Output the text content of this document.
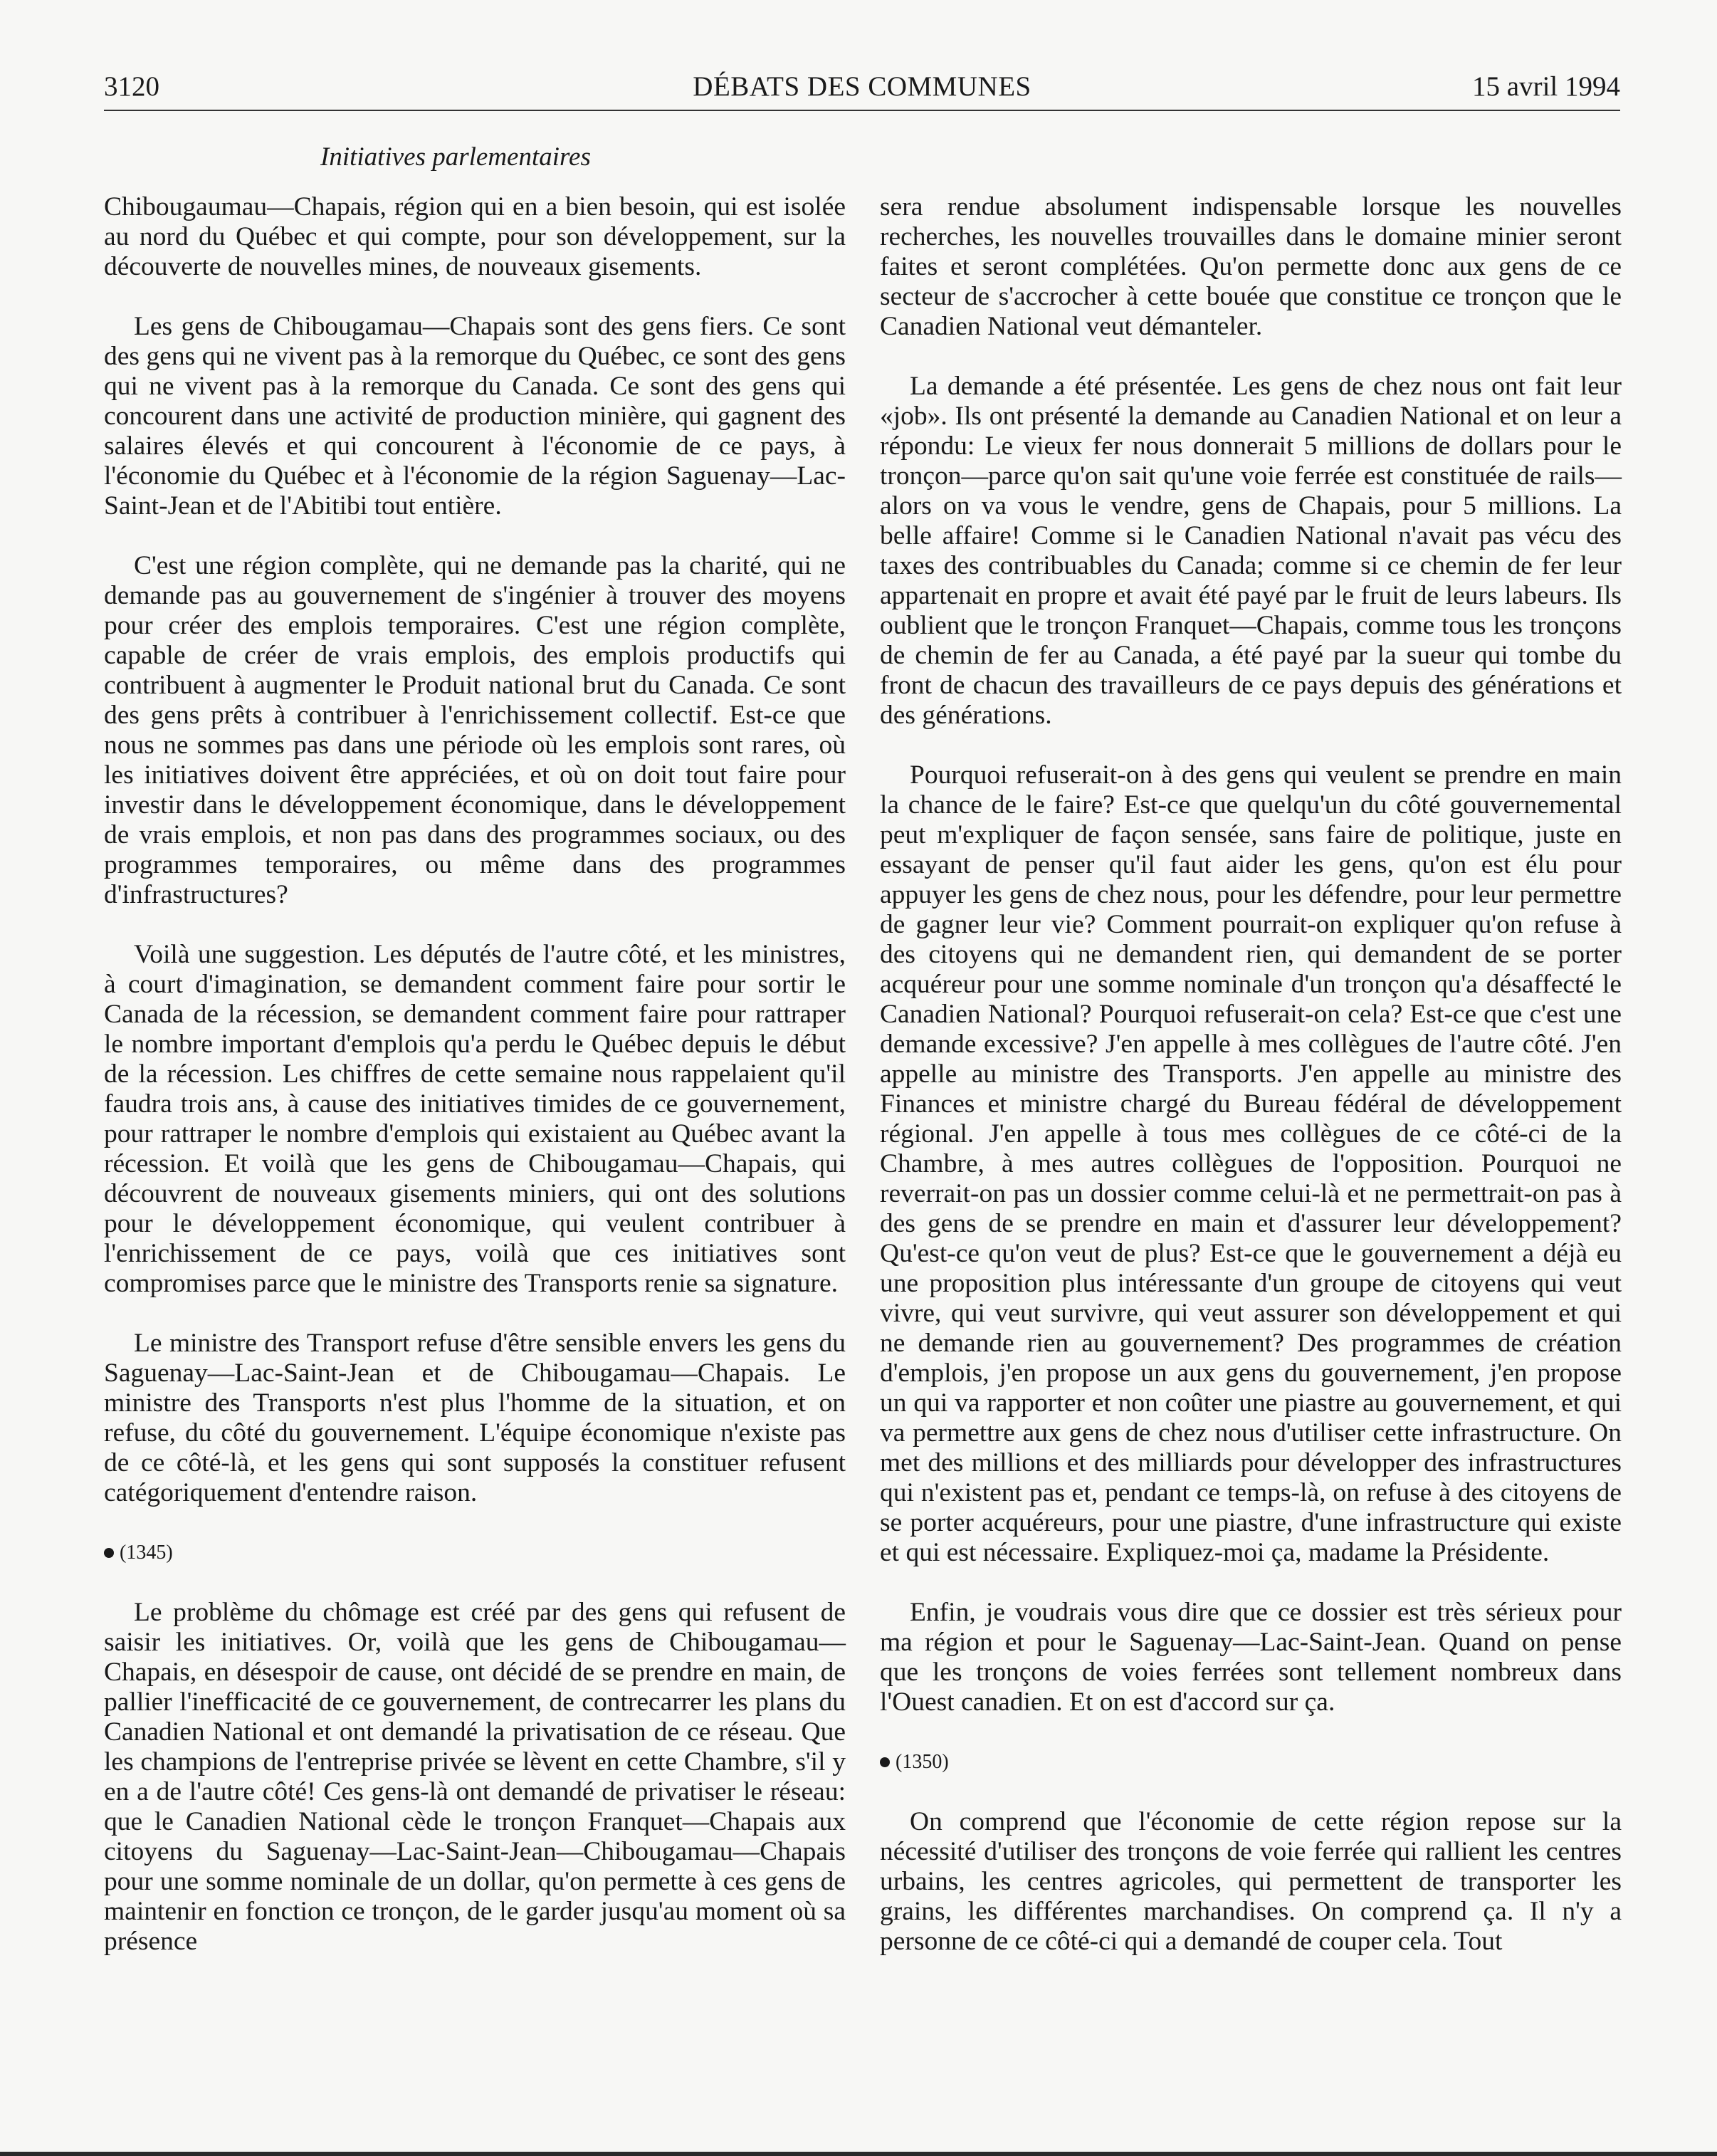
3120	DÉBATS DES COMMUNES	15 avril 1994
Initiatives parlementaires

Chibougaumau—Chapais, région qui en a bien besoin, qui est isolée au nord du Québec et qui compte, pour son développement, sur la découverte de nouvelles mines, de nouveaux gisements.

Les gens de Chibougamau—Chapais sont des gens fiers. Ce sont des gens qui ne vivent pas à la remorque du Québec, ce sont des gens qui ne vivent pas à la remorque du Canada. Ce sont des gens qui concourent dans une activité de production minière, qui gagnent des salaires élevés et qui concourent à l'économie de ce pays, à l'économie du Québec et à l'économie de la région Saguenay—Lac-Saint-Jean et de l'Abitibi tout entière.

C'est une région complète, qui ne demande pas la charité, qui ne demande pas au gouvernement de s'ingénier à trouver des moyens pour créer des emplois temporaires. C'est une région complète, capable de créer de vrais emplois, des emplois productifs qui contribuent à augmenter le Produit national brut du Canada. Ce sont des gens prêts à contribuer à l'enrichissement collectif. Est-ce que nous ne sommes pas dans une période où les emplois sont rares, où les initiatives doivent être appréciées, et où on doit tout faire pour investir dans le développement économique, dans le développement de vrais emplois, et non pas dans des programmes sociaux, ou des programmes temporaires, ou même dans des programmes d'infrastructures?

Voilà une suggestion. Les députés de l'autre côté, et les ministres, à court d'imagination, se demandent comment faire pour sortir le Canada de la récession, se demandent comment faire pour rattraper le nombre important d'emplois qu'a perdu le Québec depuis le début de la récession. Les chiffres de cette semaine nous rappelaient qu'il faudra trois ans, à cause des initiatives timides de ce gouvernement, pour rattraper le nombre d'emplois qui existaient au Québec avant la récession. Et voilà que les gens de Chibougamau—Chapais, qui découvrent de nouveaux gisements miniers, qui ont des solutions pour le développement économique, qui veulent contribuer à l'enrichissement de ce pays, voilà que ces initiatives sont compromises parce que le ministre des Transports renie sa signature.

Le ministre des Transport refuse d'être sensible envers les gens du Saguenay—Lac-Saint-Jean et de Chibougamau—Chapais. Le ministre des Transports n'est plus l'homme de la situation, et on refuse, du côté du gouvernement. L'équipe économique n'existe pas de ce côté-là, et les gens qui sont supposés la constituer refusent catégoriquement d'entendre raison.

(1345)

Le problème du chômage est créé par des gens qui refusent de saisir les initiatives. Or, voilà que les gens de Chibougamau—Chapais, en désespoir de cause, ont décidé de se prendre en main, de pallier l'inefficacité de ce gouvernement, de contrecarrer les plans du Canadien National et ont demandé la privatisation de ce réseau. Que les champions de l'entreprise privée se lèvent en cette Chambre, s'il y en a de l'autre côté! Ces gens-là ont demandé de privatiser le réseau: que le Canadien National cède le tronçon Franquet—Chapais aux citoyens du Saguenay—Lac-Saint-Jean—Chibougamau—Chapais pour une somme nominale de un dollar, qu'on permette à ces gens de maintenir en fonction ce tronçon, de le garder jusqu'au moment où sa présence

sera rendue absolument indispensable lorsque les nouvelles recherches, les nouvelles trouvailles dans le domaine minier seront faites et seront complétées. Qu'on permette donc aux gens de ce secteur de s'accrocher à cette bouée que constitue ce tronçon que le Canadien National veut démanteler.

La demande a été présentée. Les gens de chez nous ont fait leur «job». Ils ont présenté la demande au Canadien National et on leur a répondu: Le vieux fer nous donnerait 5 millions de dollars pour le tronçon—parce qu'on sait qu'une voie ferrée est constituée de rails—alors on va vous le vendre, gens de Chapais, pour 5 millions. La belle affaire! Comme si le Canadien National n'avait pas vécu des taxes des contribuables du Canada; comme si ce chemin de fer leur appartenait en propre et avait été payé par le fruit de leurs labeurs. Ils oublient que le tronçon Franquet—Chapais, comme tous les tronçons de chemin de fer au Canada, a été payé par la sueur qui tombe du front de chacun des travailleurs de ce pays depuis des générations et des générations.

Pourquoi refuserait-on à des gens qui veulent se prendre en main la chance de le faire? Est-ce que quelqu'un du côté gouvernemental peut m'expliquer de façon sensée, sans faire de politique, juste en essayant de penser qu'il faut aider les gens, qu'on est élu pour appuyer les gens de chez nous, pour les défendre, pour leur permettre de gagner leur vie? Comment pourrait-on expliquer qu'on refuse à des citoyens qui ne demandent rien, qui demandent de se porter acquéreur pour une somme nominale d'un tronçon qu'a désaffecté le Canadien National? Pourquoi refuserait-on cela? Est-ce que c'est une demande excessive? J'en appelle à mes collègues de l'autre côté. J'en appelle au ministre des Transports. J'en appelle au ministre des Finances et ministre chargé du Bureau fédéral de développement régional. J'en appelle à tous mes collègues de ce côté-ci de la Chambre, à mes autres collègues de l'opposition. Pourquoi ne reverrait-on pas un dossier comme celui-là et ne permettrait-on pas à des gens de se prendre en main et d'assurer leur développement? Qu'est-ce qu'on veut de plus? Est-ce que le gouvernement a déjà eu une proposition plus intéressante d'un groupe de citoyens qui veut vivre, qui veut survivre, qui veut assurer son développement et qui ne demande rien au gouvernement? Des programmes de création d'emplois, j'en propose un aux gens du gouvernement, j'en propose un qui va rapporter et non coûter une piastre au gouvernement, et qui va permettre aux gens de chez nous d'utiliser cette infrastructure. On met des millions et des milliards pour développer des infrastructures qui n'existent pas et, pendant ce temps-là, on refuse à des citoyens de se porter acquéreurs, pour une piastre, d'une infrastructure qui existe et qui est nécessaire. Expliquez-moi ça, madame la Présidente.

Enfin, je voudrais vous dire que ce dossier est très sérieux pour ma région et pour le Saguenay—Lac-Saint-Jean. Quand on pense que les tronçons de voies ferrées sont tellement nombreux dans l'Ouest canadien. Et on est d'accord sur ça.

(1350)

On comprend que l'économie de cette région repose sur la nécessité d'utiliser des tronçons de voie ferrée qui rallient les centres urbains, les centres agricoles, qui permettent de transporter les grains, les différentes marchandises. On comprend ça. Il n'y a personne de ce côté-ci qui a demandé de couper cela. Tout
